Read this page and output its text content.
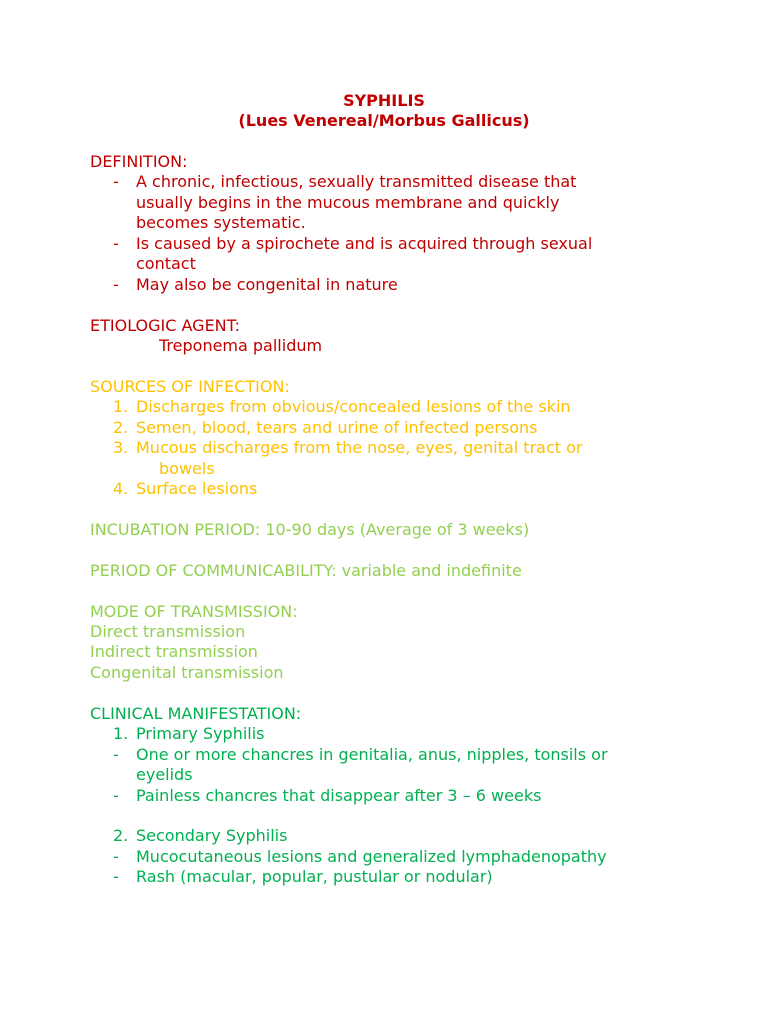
SYPHILIS
(Lues Venereal/Morbus Gallicus)
DEFINITION:
- A chronic, infectious, sexually transmitted disease that
usually begins in the mucous membrane and quickly
becomes systematic.
- Is caused by a spirochete and is acquired through sexual
contact
- May also be congenital in nature
ETIOLOGIC AGENT:
Treponema pallidum
SOURCES OF INFECTION:
1. Discharges from obvious/concealed lesions of the skin
2. Semen, blood, tears and urine of infected persons
3. Mucous discharges from the nose, eyes, genital tract or
bowels
4. Surface lesions
INCUBATION PERIOD: 10-90 days (Average of 3 weeks)
PERIOD OF COMMUNICABILITY: variable and indefinite
MODE OF TRANSMISSION:
Direct transmission
Indirect transmission
Congenital transmission
CLINICAL MANIFESTATION:
1. Primary Syphilis
- One or more chancres in genitalia, anus, nipples, tonsils or
eyelids
- Painless chancres that disappear after 3 – 6 weeks
2. Secondary Syphilis
- Mucocutaneous lesions and generalized lymphadenopathy
- Rash (macular, popular, pustular or nodular)
